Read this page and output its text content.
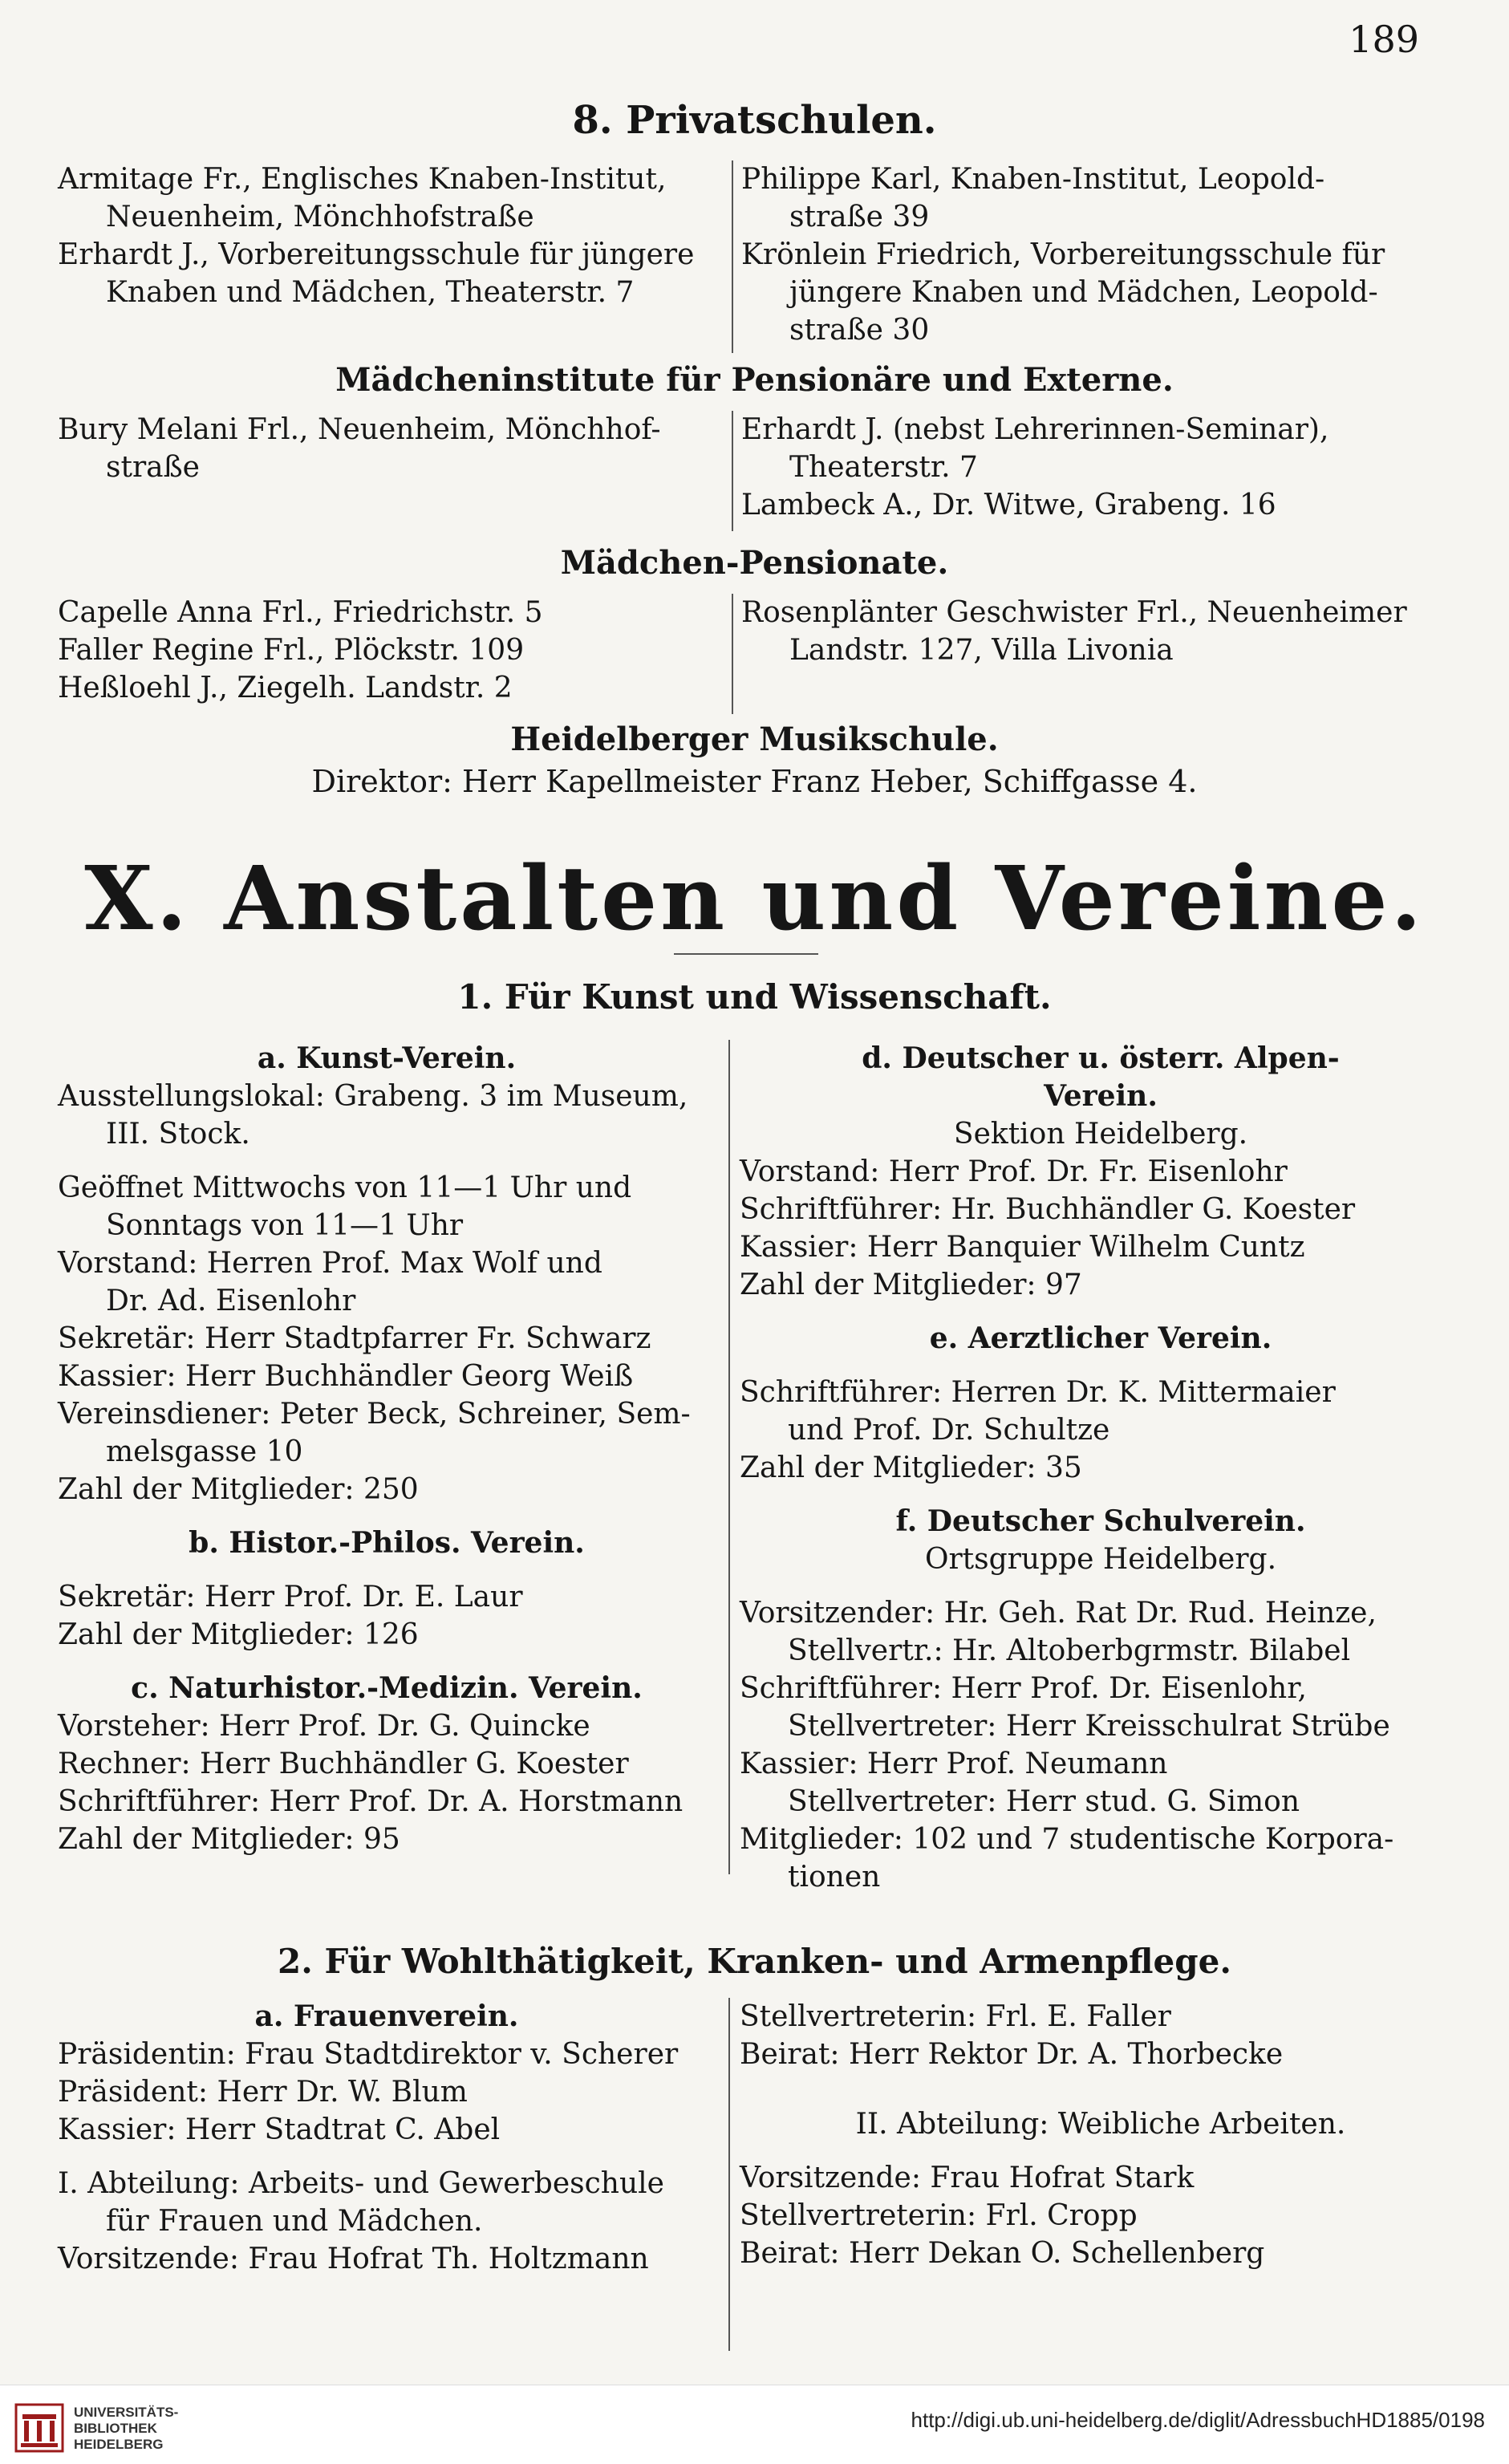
189
8. Privatschulen.
Armitage Fr., Englisches Knaben-Institut,
Neuenheim, Mönchhofstraße
Erhardt J., Vorbereitungsschule für jüngere
Knaben und Mädchen, Theaterstr. 7
Philippe Karl, Knaben-Institut, Leopold-
straße 39
Krönlein Friedrich, Vorbereitungsschule für
jüngere Knaben und Mädchen, Leopold-
straße 30
Mädcheninstitute für Pensionäre und Externe.
Bury Melani Frl., Neuenheim, Mönchhof-
straße
Erhardt J. (nebst Lehrerinnen-Seminar),
Theaterstr. 7
Lambeck A., Dr. Witwe, Grabeng. 16
Mädchen-Pensionate.
Capelle Anna Frl., Friedrichstr. 5
Faller Regine Frl., Plöckstr. 109
Heßloehl J., Ziegelh. Landstr. 2
Rosenplänter Geschwister Frl., Neuenheimer
Landstr. 127, Villa Livonia
Heidelberger Musikschule.
Direktor: Herr Kapellmeister Franz Heber, Schiffgasse 4.
X. Anstalten und Vereine.
1. Für Kunst und Wissenschaft.
a. Kunst-Verein.
Ausstellungslokal: Grabeng. 3 im Museum,
III. Stock.
Geöffnet Mittwochs von 11—1 Uhr und
Sonntags von 11—1 Uhr
Vorstand: Herren Prof. Max Wolf und
Dr. Ad. Eisenlohr
Sekretär: Herr Stadtpfarrer Fr. Schwarz
Kassier: Herr Buchhändler Georg Weiß
Vereinsdiener: Peter Beck, Schreiner, Sem-
melsgasse 10
Zahl der Mitglieder: 250
b. Histor.-Philos. Verein.
Sekretär: Herr Prof. Dr. E. Laur
Zahl der Mitglieder: 126
c. Naturhistor.-Medizin. Verein.
Vorsteher: Herr Prof. Dr. G. Quincke
Rechner: Herr Buchhändler G. Koester
Schriftführer: Herr Prof. Dr. A. Horstmann
Zahl der Mitglieder: 95
d. Deutscher u. österr. Alpen-
Verein.
Sektion Heidelberg.
Vorstand: Herr Prof. Dr. Fr. Eisenlohr
Schriftführer: Hr. Buchhändler G. Koester
Kassier: Herr Banquier Wilhelm Cuntz
Zahl der Mitglieder: 97
e. Aerztlicher Verein.
Schriftführer: Herren Dr. K. Mittermaier
und Prof. Dr. Schultze
Zahl der Mitglieder: 35
f. Deutscher Schulverein.
Ortsgruppe Heidelberg.
Vorsitzender: Hr. Geh. Rat Dr. Rud. Heinze,
Stellvertr.: Hr. Altoberbgrmstr. Bilabel
Schriftführer: Herr Prof. Dr. Eisenlohr,
Stellvertreter: Herr Kreisschulrat Strübe
Kassier: Herr Prof. Neumann
Stellvertreter: Herr stud. G. Simon
Mitglieder: 102 und 7 studentische Korpora-
tionen
2. Für Wohlthätigkeit, Kranken- und Armenpflege.
a. Frauenverein.
Präsidentin: Frau Stadtdirektor v. Scherer
Präsident: Herr Dr. W. Blum
Kassier: Herr Stadtrat C. Abel
I. Abteilung: Arbeits- und Gewerbeschule
für Frauen und Mädchen.
Vorsitzende: Frau Hofrat Th. Holtzmann
Stellvertreterin: Frl. E. Faller
Beirat: Herr Rektor Dr. A. Thorbecke
II. Abteilung: Weibliche Arbeiten.
Vorsitzende: Frau Hofrat Stark
Stellvertreterin: Frl. Cropp
Beirat: Herr Dekan O. Schellenberg
UNIVERSITÄTS-
BIBLIOTHEK
HEIDELBERG
http://digi.ub.uni-heidelberg.de/diglit/AdressbuchHD1885/0198
